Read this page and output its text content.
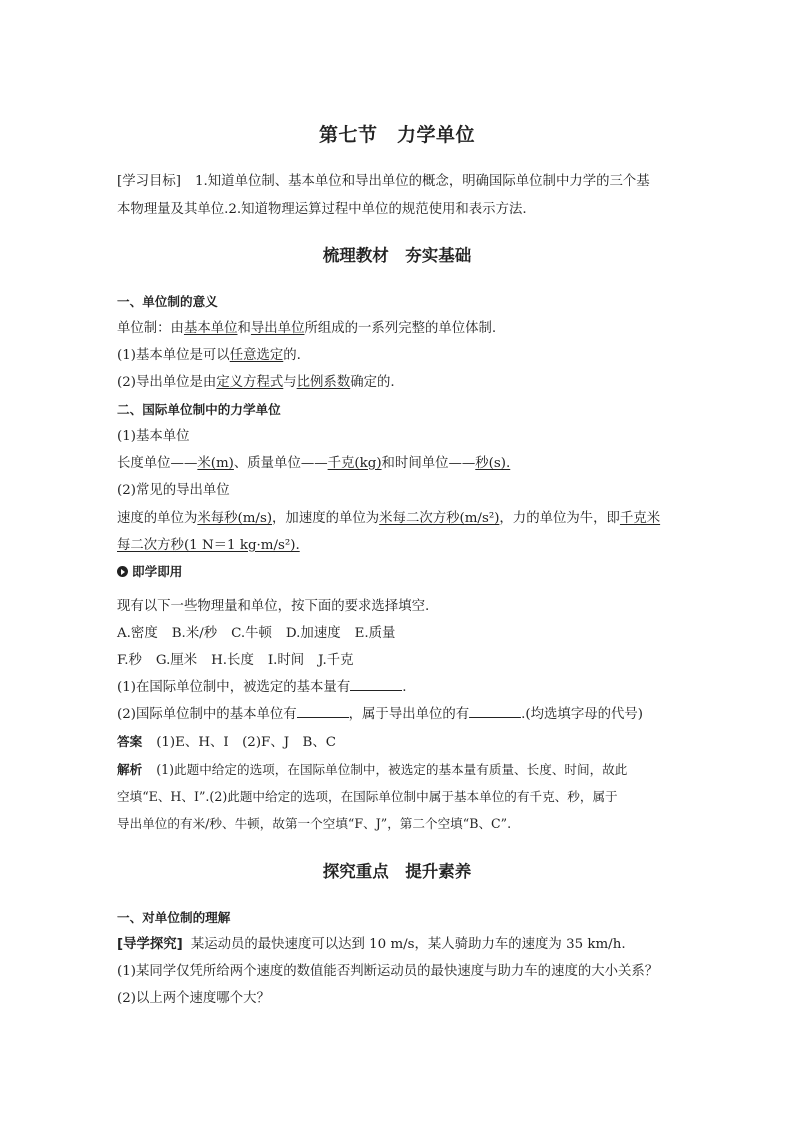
第七节　力学单位
[学习目标] 1.知道单位制、基本单位和导出单位的概念，明确国际单位制中力学的三个基
本物理量及其单位.2.知道物理运算过程中单位的规范使用和表示方法.
梳理教材　夯实基础
一、单位制的意义
单位制：由基本单位和导出单位所组成的一系列完整的单位体制.
(1)基本单位是可以任意选定的.
(2)导出单位是由定义方程式与比例系数确定的.
二、国际单位制中的力学单位
(1)基本单位
长度单位——米(m)、质量单位——千克(kg)和时间单位——秒(s).
(2)常见的导出单位
速度的单位为米每秒(m/s)，加速度的单位为米每二次方秒(m/s²)，力的单位为牛，即千克米
每二次方秒(1 N＝1 kg·m/s²).
即学即用
现有以下一些物理量和单位，按下面的要求选择填空.
A.密度 B.米/秒 C.牛顿 D.加速度 E.质量
F.秒 G.厘米 H.长度 I.时间 J.千克
(1)在国际单位制中，被选定的基本量有	.
(2)国际单位制中的基本单位有	，属于导出单位的有	.(均选填字母的代号)
答案 (1)E、H、I　(2)F、J　B、C
解析 (1)此题中给定的选项，在国际单位制中，被选定的基本量有质量、长度、时间，故此
空填“E、H、I”.(2)此题中给定的选项，在国际单位制中属于基本单位的有千克、秒，属于
导出单位的有米/秒、牛顿，故第一个空填“F、J”，第二个空填“B、C”.
探究重点　提升素养
一、对单位制的理解
[导学探究] 某运动员的最快速度可以达到 10 m/s，某人骑助力车的速度为 35 km/h.
(1)某同学仅凭所给两个速度的数值能否判断运动员的最快速度与助力车的速度的大小关系？
(2)以上两个速度哪个大？
